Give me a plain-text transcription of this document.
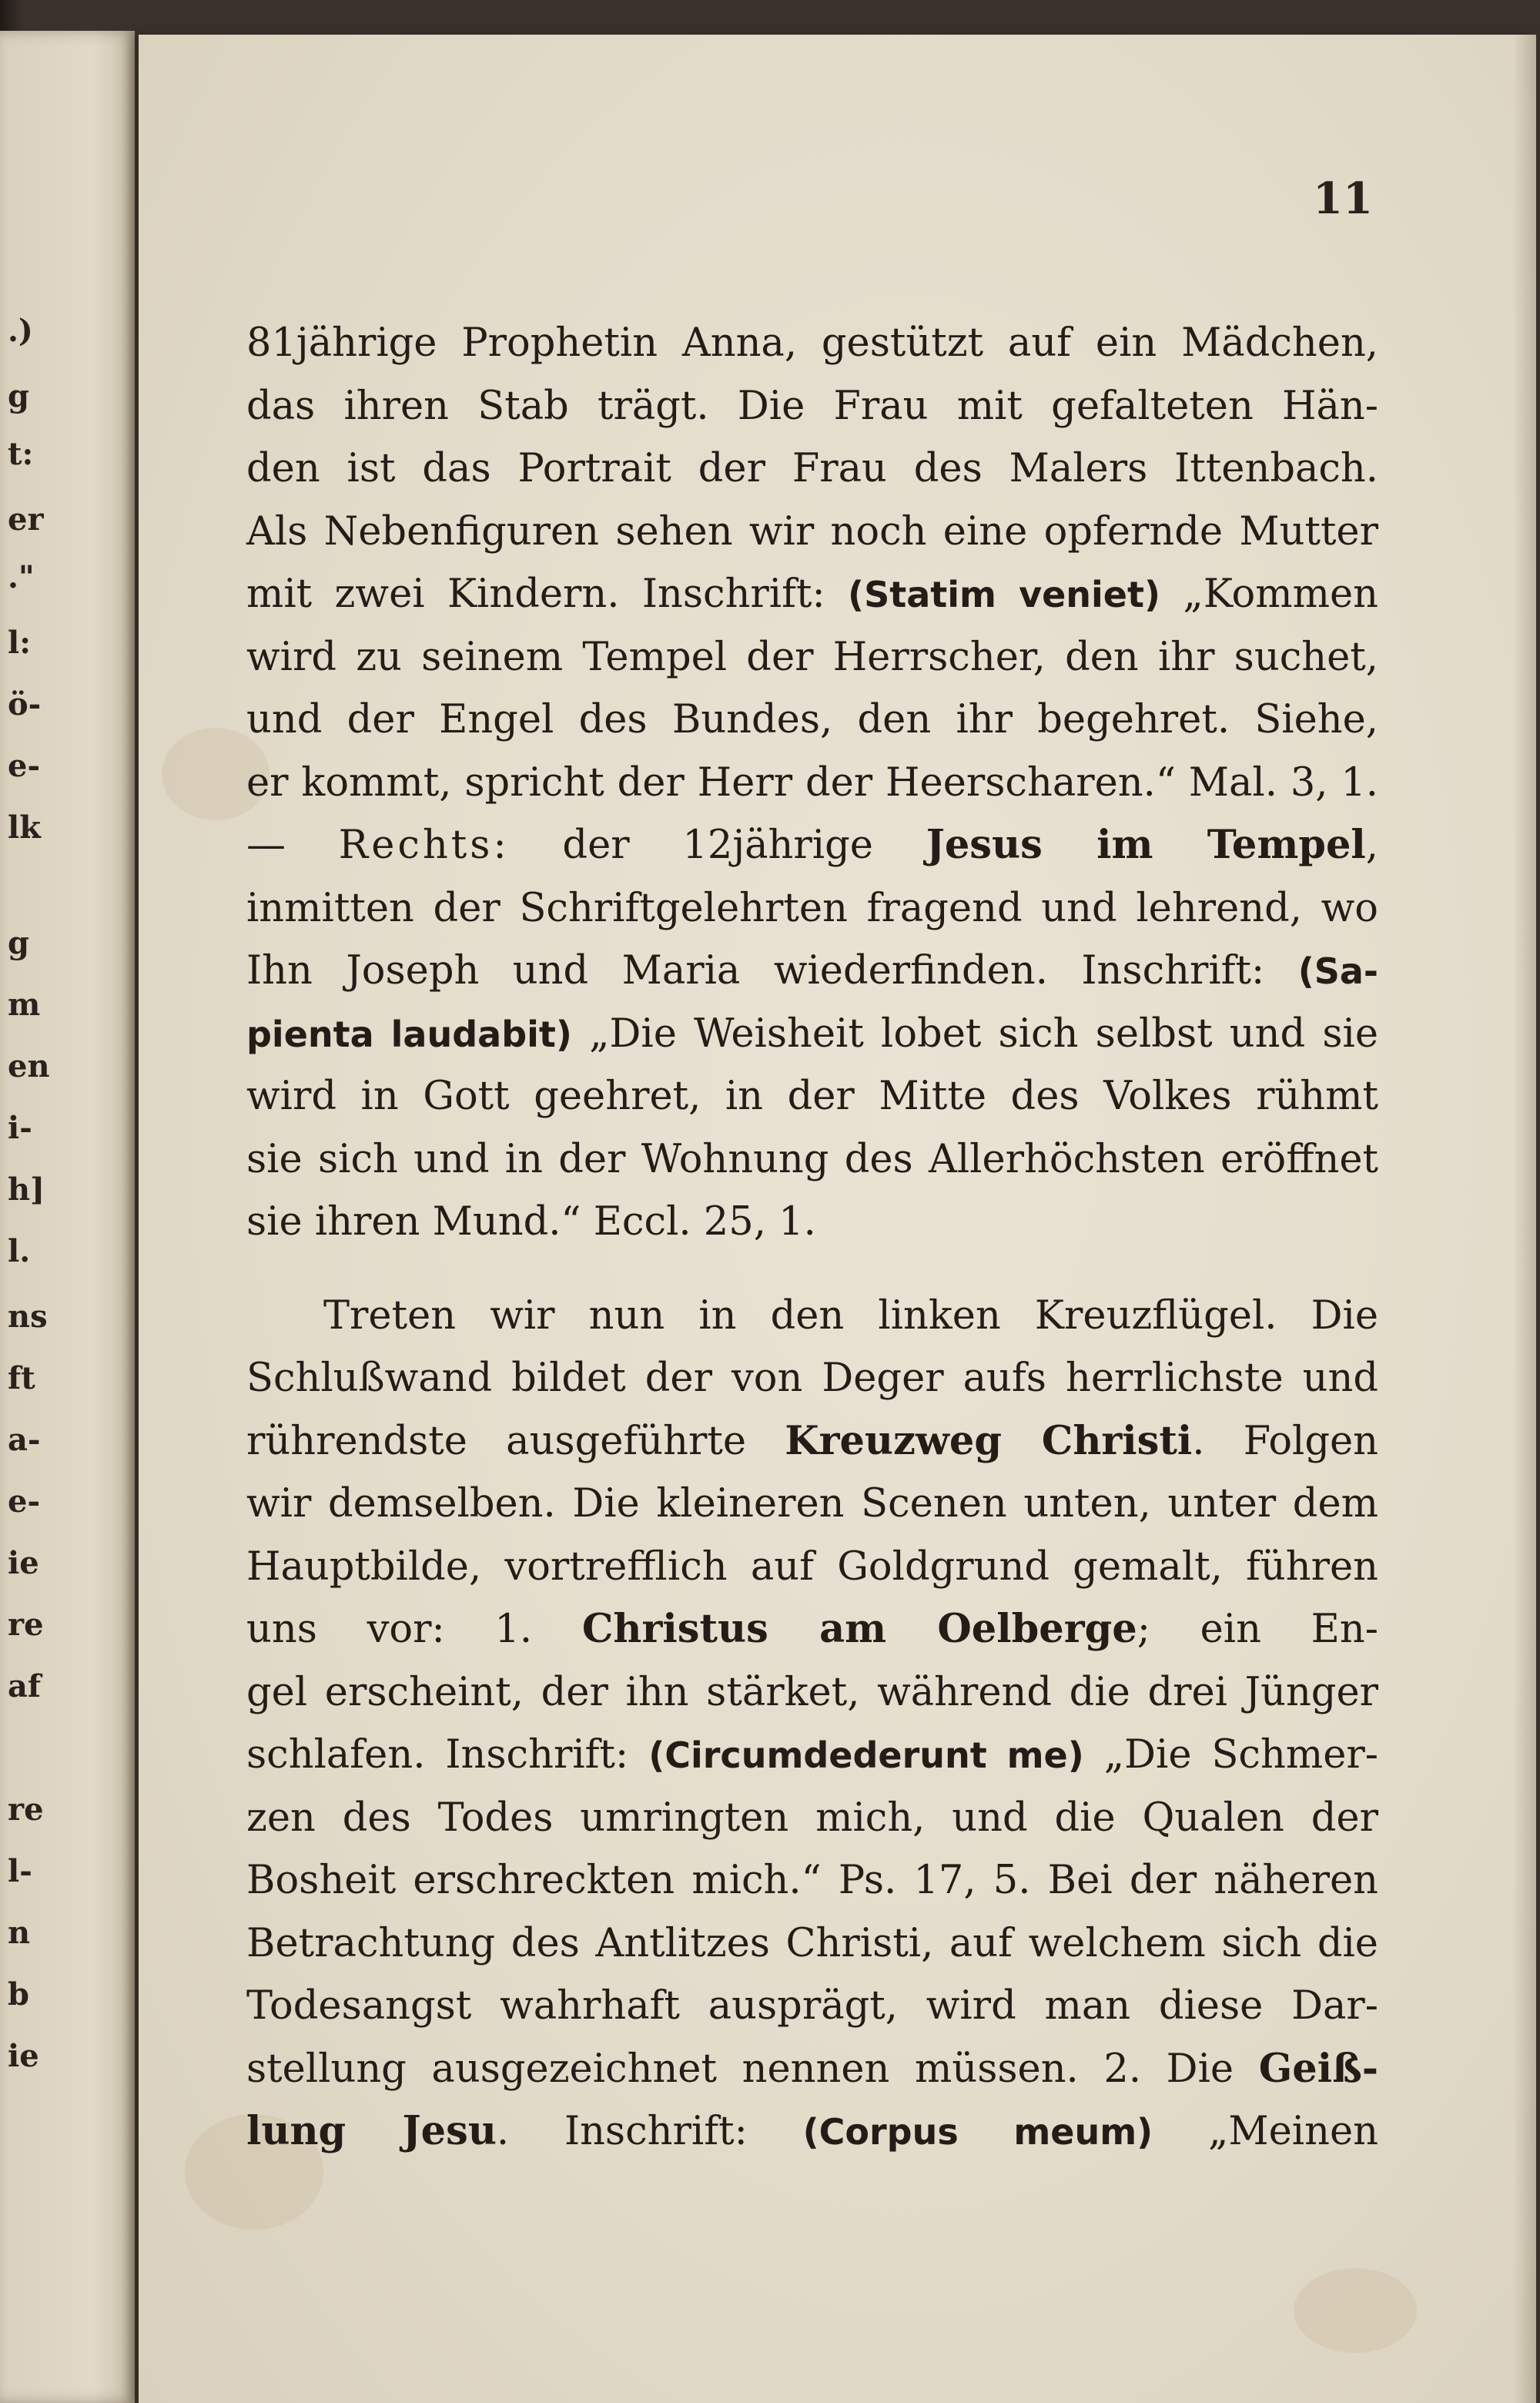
.)
g
t:
er
."
l:
ö-
e-
lk
g
m
en
i-
h]
l.
ns
ft
a-
e-
ie
re
af
re
l-
n
b
ie
11
81jährige Prophetin Anna, gestützt auf ein Mädchen,
das ihren Stab trägt. Die Frau mit gefalteten Hän-
den ist das Portrait der Frau des Malers Ittenbach.
Als Nebenfiguren sehen wir noch eine opfernde Mutter
mit zwei Kindern. Inschrift: (Statim veniet) „Kommen
wird zu seinem Tempel der Herrscher, den ihr suchet,
und der Engel des Bundes, den ihr begehret. Siehe,
er kommt, spricht der Herr der Heerscharen.“ Mal. 3, 1.
— Rechts: der 12jährige Jesus im Tempel,
inmitten der Schriftgelehrten fragend und lehrend, wo
Ihn Joseph und Maria wiederfinden. Inschrift: (Sa-
pienta laudabit) „Die Weisheit lobet sich selbst und sie
wird in Gott geehret, in der Mitte des Volkes rühmt
sie sich und in der Wohnung des Allerhöchsten eröffnet
sie ihren Mund.“ Eccl. 25, 1.
Treten wir nun in den linken Kreuzflügel. Die
Schlußwand bildet der von Deger aufs herrlichste und
rührendste ausgeführte Kreuzweg Christi. Folgen
wir demselben. Die kleineren Scenen unten, unter dem
Hauptbilde, vortrefflich auf Goldgrund gemalt, führen
uns vor: 1. Christus am Oelberge; ein En-
gel erscheint, der ihn stärket, während die drei Jünger
schlafen. Inschrift: (Circumdederunt me) „Die Schmer-
zen des Todes umringten mich, und die Qualen der
Bosheit erschreckten mich.“ Ps. 17, 5. Bei der näheren
Betrachtung des Antlitzes Christi, auf welchem sich die
Todesangst wahrhaft ausprägt, wird man diese Dar-
stellung ausgezeichnet nennen müssen. 2. Die Geiß-
lung Jesu. Inschrift: (Corpus meum) „Meinen
